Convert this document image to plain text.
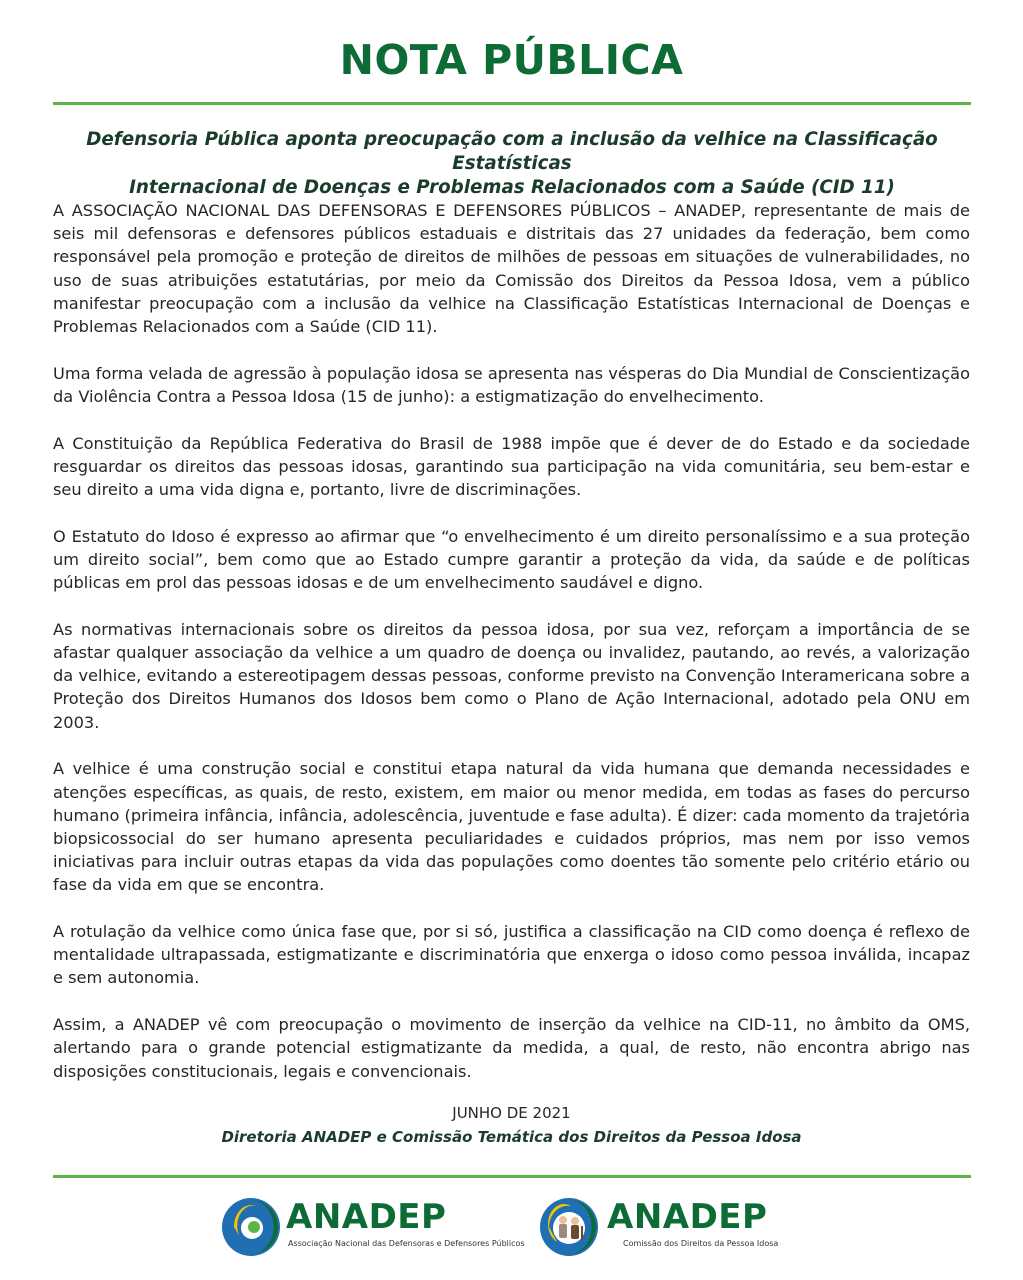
NOTA PÚBLICA
Defensoria Pública aponta preocupação com a inclusão da velhice na Classificação Estatísticas
Internacional de Doenças e Problemas Relacionados com a Saúde (CID 11)

A ASSOCIAÇÃO NACIONAL DAS DEFENSORAS E DEFENSORES PÚBLICOS – ANADEP, representante de mais de seis mil defensoras e defensores públicos estaduais e distritais das 27 unidades da federação, bem como responsável pela promoção e proteção de direitos de milhões de pessoas em situações de vulnerabilidades, no uso de suas atribuições estatutárias, por meio da Comissão dos Direitos da Pessoa Idosa, vem a público manifestar preocupação com a inclusão da velhice na Classificação Estatísticas Internacional de Doenças e Problemas Relacionados com a Saúde (CID 11).

Uma forma velada de agressão à população idosa se apresenta nas vésperas do Dia Mundial de Conscientização da Violência Contra a Pessoa Idosa (15 de junho): a estigmatização do envelhecimento.

A Constituição da República Federativa do Brasil de 1988 impõe que é dever de do Estado e da sociedade resguardar os direitos das pessoas idosas, garantindo sua participação na vida comunitária, seu bem-estar e seu direito a uma vida digna e, portanto, livre de discriminações.

O Estatuto do Idoso é expresso ao afirmar que “o envelhecimento é um direito personalíssimo e a sua proteção um direito social”, bem como que ao Estado cumpre garantir a proteção da vida, da saúde e de políticas públicas em prol das pessoas idosas e de um envelhecimento saudável e digno.

As normativas internacionais sobre os direitos da pessoa idosa, por sua vez, reforçam a importância de se afastar qualquer associação da velhice a um quadro de doença ou invalidez, pautando, ao revés, a valorização da velhice, evitando a estereotipagem dessas pessoas, conforme previsto na Convenção Interamericana sobre a Proteção dos Direitos Humanos dos Idosos bem como o Plano de Ação Internacional, adotado pela ONU em 2003.

A velhice é uma construção social e constitui etapa natural da vida humana que demanda necessidades e atenções específicas, as quais, de resto, existem, em maior ou menor medida, em todas as fases do percurso humano (primeira infância, infância, adolescência, juventude e fase adulta). É dizer: cada momento da trajetória biopsicossocial do ser humano apresenta peculiaridades e cuidados próprios, mas nem por isso vemos iniciativas para incluir outras etapas da vida das populações como doentes tão somente pelo critério etário ou fase da vida em que se encontra.

A rotulação da velhice como única fase que, por si só, justifica a classificação na CID como doença é reflexo de mentalidade ultrapassada, estigmatizante e discriminatória que enxerga o idoso como pessoa inválida, incapaz e sem autonomia.

Assim, a ANADEP vê com preocupação o movimento de inserção da velhice na CID-11, no âmbito da OMS, alertando para o grande potencial estigmatizante da medida, a qual, de resto, não encontra abrigo nas disposições constitucionais, legais e convencionais.

JUNHO DE 2021
Diretoria ANADEP e Comissão Temática dos Direitos da Pessoa Idosa
ANADEP
Associação Nacional das Defensoras e Defensores Públicos
ANADEP
Comissão dos Direitos da Pessoa Idosa
